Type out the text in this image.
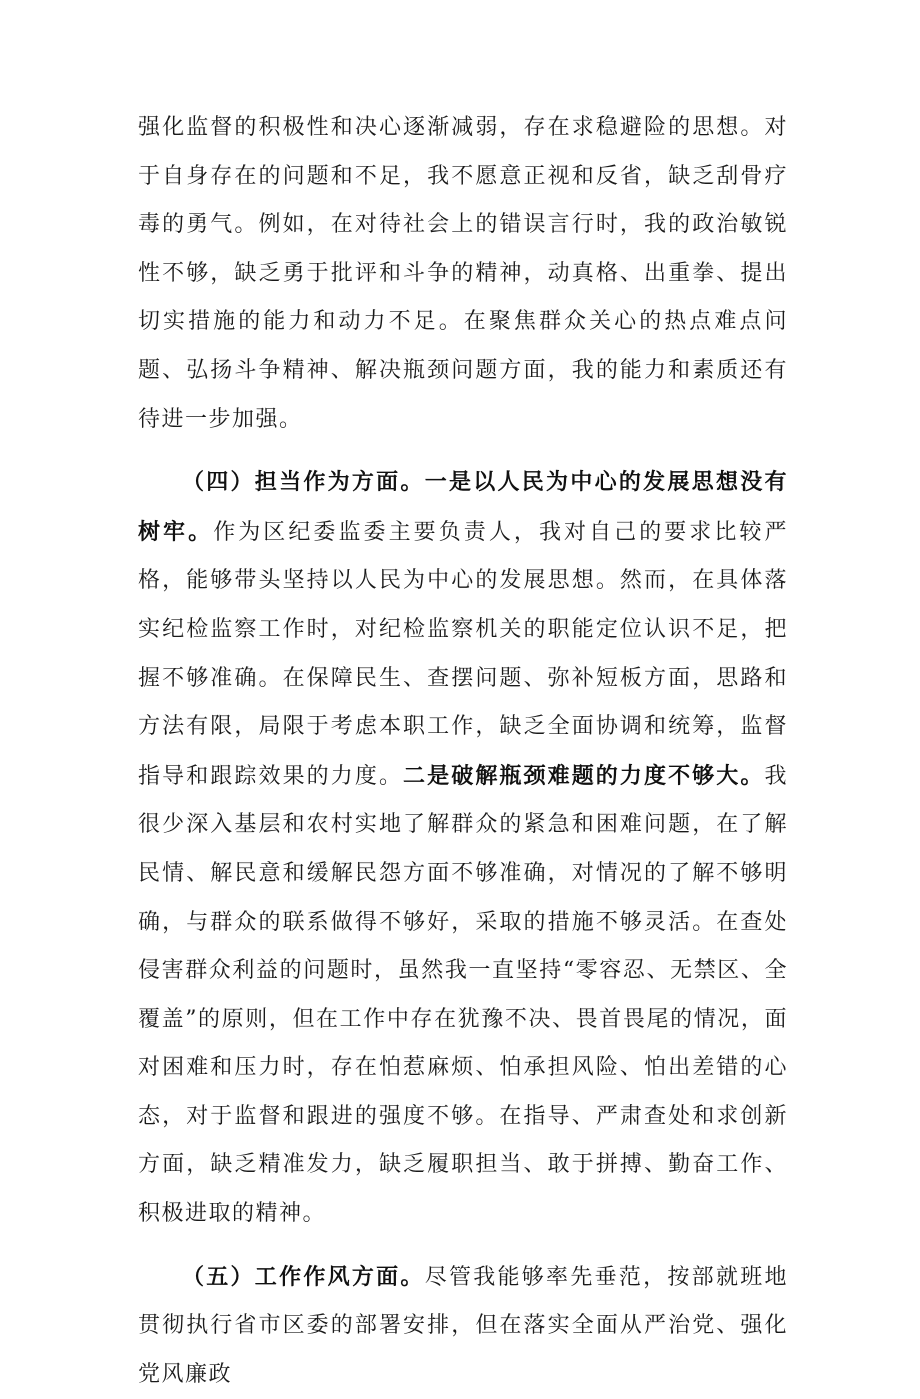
强化监督的积极性和决心逐渐减弱，存在求稳避险的思想。对于自身存在的问题和不足，我不愿意正视和反省，缺乏刮骨疗毒的勇气。例如，在对待社会上的错误言行时，我的政治敏锐性不够，缺乏勇于批评和斗争的精神，动真格、出重拳、提出切实措施的能力和动力不足。在聚焦群众关心的热点难点问题、弘扬斗争精神、解决瓶颈问题方面，我的能力和素质还有待进一步加强。

（四）担当作为方面。一是以人民为中心的发展思想没有树牢。作为区纪委监委主要负责人，我对自己的要求比较严格，能够带头坚持以人民为中心的发展思想。然而，在具体落实纪检监察工作时，对纪检监察机关的职能定位认识不足，把握不够准确。在保障民生、查摆问题、弥补短板方面，思路和方法有限，局限于考虑本职工作，缺乏全面协调和统筹，监督指导和跟踪效果的力度。二是破解瓶颈难题的力度不够大。我很少深入基层和农村实地了解群众的紧急和困难问题，在了解民情、解民意和缓解民怨方面不够准确，对情况的了解不够明确，与群众的联系做得不够好，采取的措施不够灵活。在查处侵害群众利益的问题时，虽然我一直坚持“零容忍、无禁区、全覆盖”的原则，但在工作中存在犹豫不决、畏首畏尾的情况，面对困难和压力时，存在怕惹麻烦、怕承担风险、怕出差错的心态，对于监督和跟进的强度不够。在指导、严肃查处和求创新方面，缺乏精准发力，缺乏履职担当、敢于拼搏、勤奋工作、积极进取的精神。

（五）工作作风方面。尽管我能够率先垂范，按部就班地贯彻执行省市区委的部署安排，但在落实全面从严治党、强化党风廉政
